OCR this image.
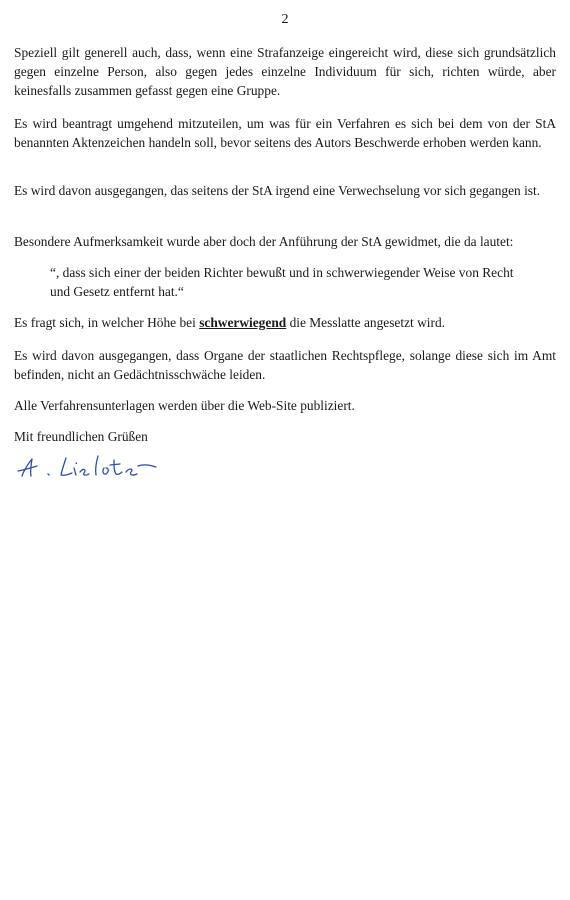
2

Speziell gilt generell auch, dass, wenn eine Strafanzeige eingereicht wird, diese sich grundsätzlich gegen einzelne Person, also gegen jedes einzelne Individuum für sich, richten würde, aber keinesfalls zusammen gefasst gegen eine Gruppe.

Es wird beantragt umgehend mitzuteilen, um was für ein Verfahren es sich bei dem von der StA benannten Aktenzeichen handeln soll, bevor seitens des Autors Beschwerde erhoben werden kann.

Es wird davon ausgegangen, das seitens der StA irgend eine Verwechselung vor sich gegangen ist.

Besondere Aufmerksamkeit wurde aber doch der Anführung der StA gewidmet, die da lautet:

“, dass sich einer der beiden Richter bewußt und in schwerwiegender Weise von Recht und Gesetz entfernt hat.“

Es fragt sich, in welcher Höhe bei schwerwiegend die Messlatte angesetzt wird.

Es wird davon ausgegangen, dass Organe der staatlichen Rechtspflege, solange diese sich im Amt befinden, nicht an Gedächtnisschwäche leiden.

Alle Verfahrensunterlagen werden über die Web-Site publiziert.

Mit freundlichen Grüßen
